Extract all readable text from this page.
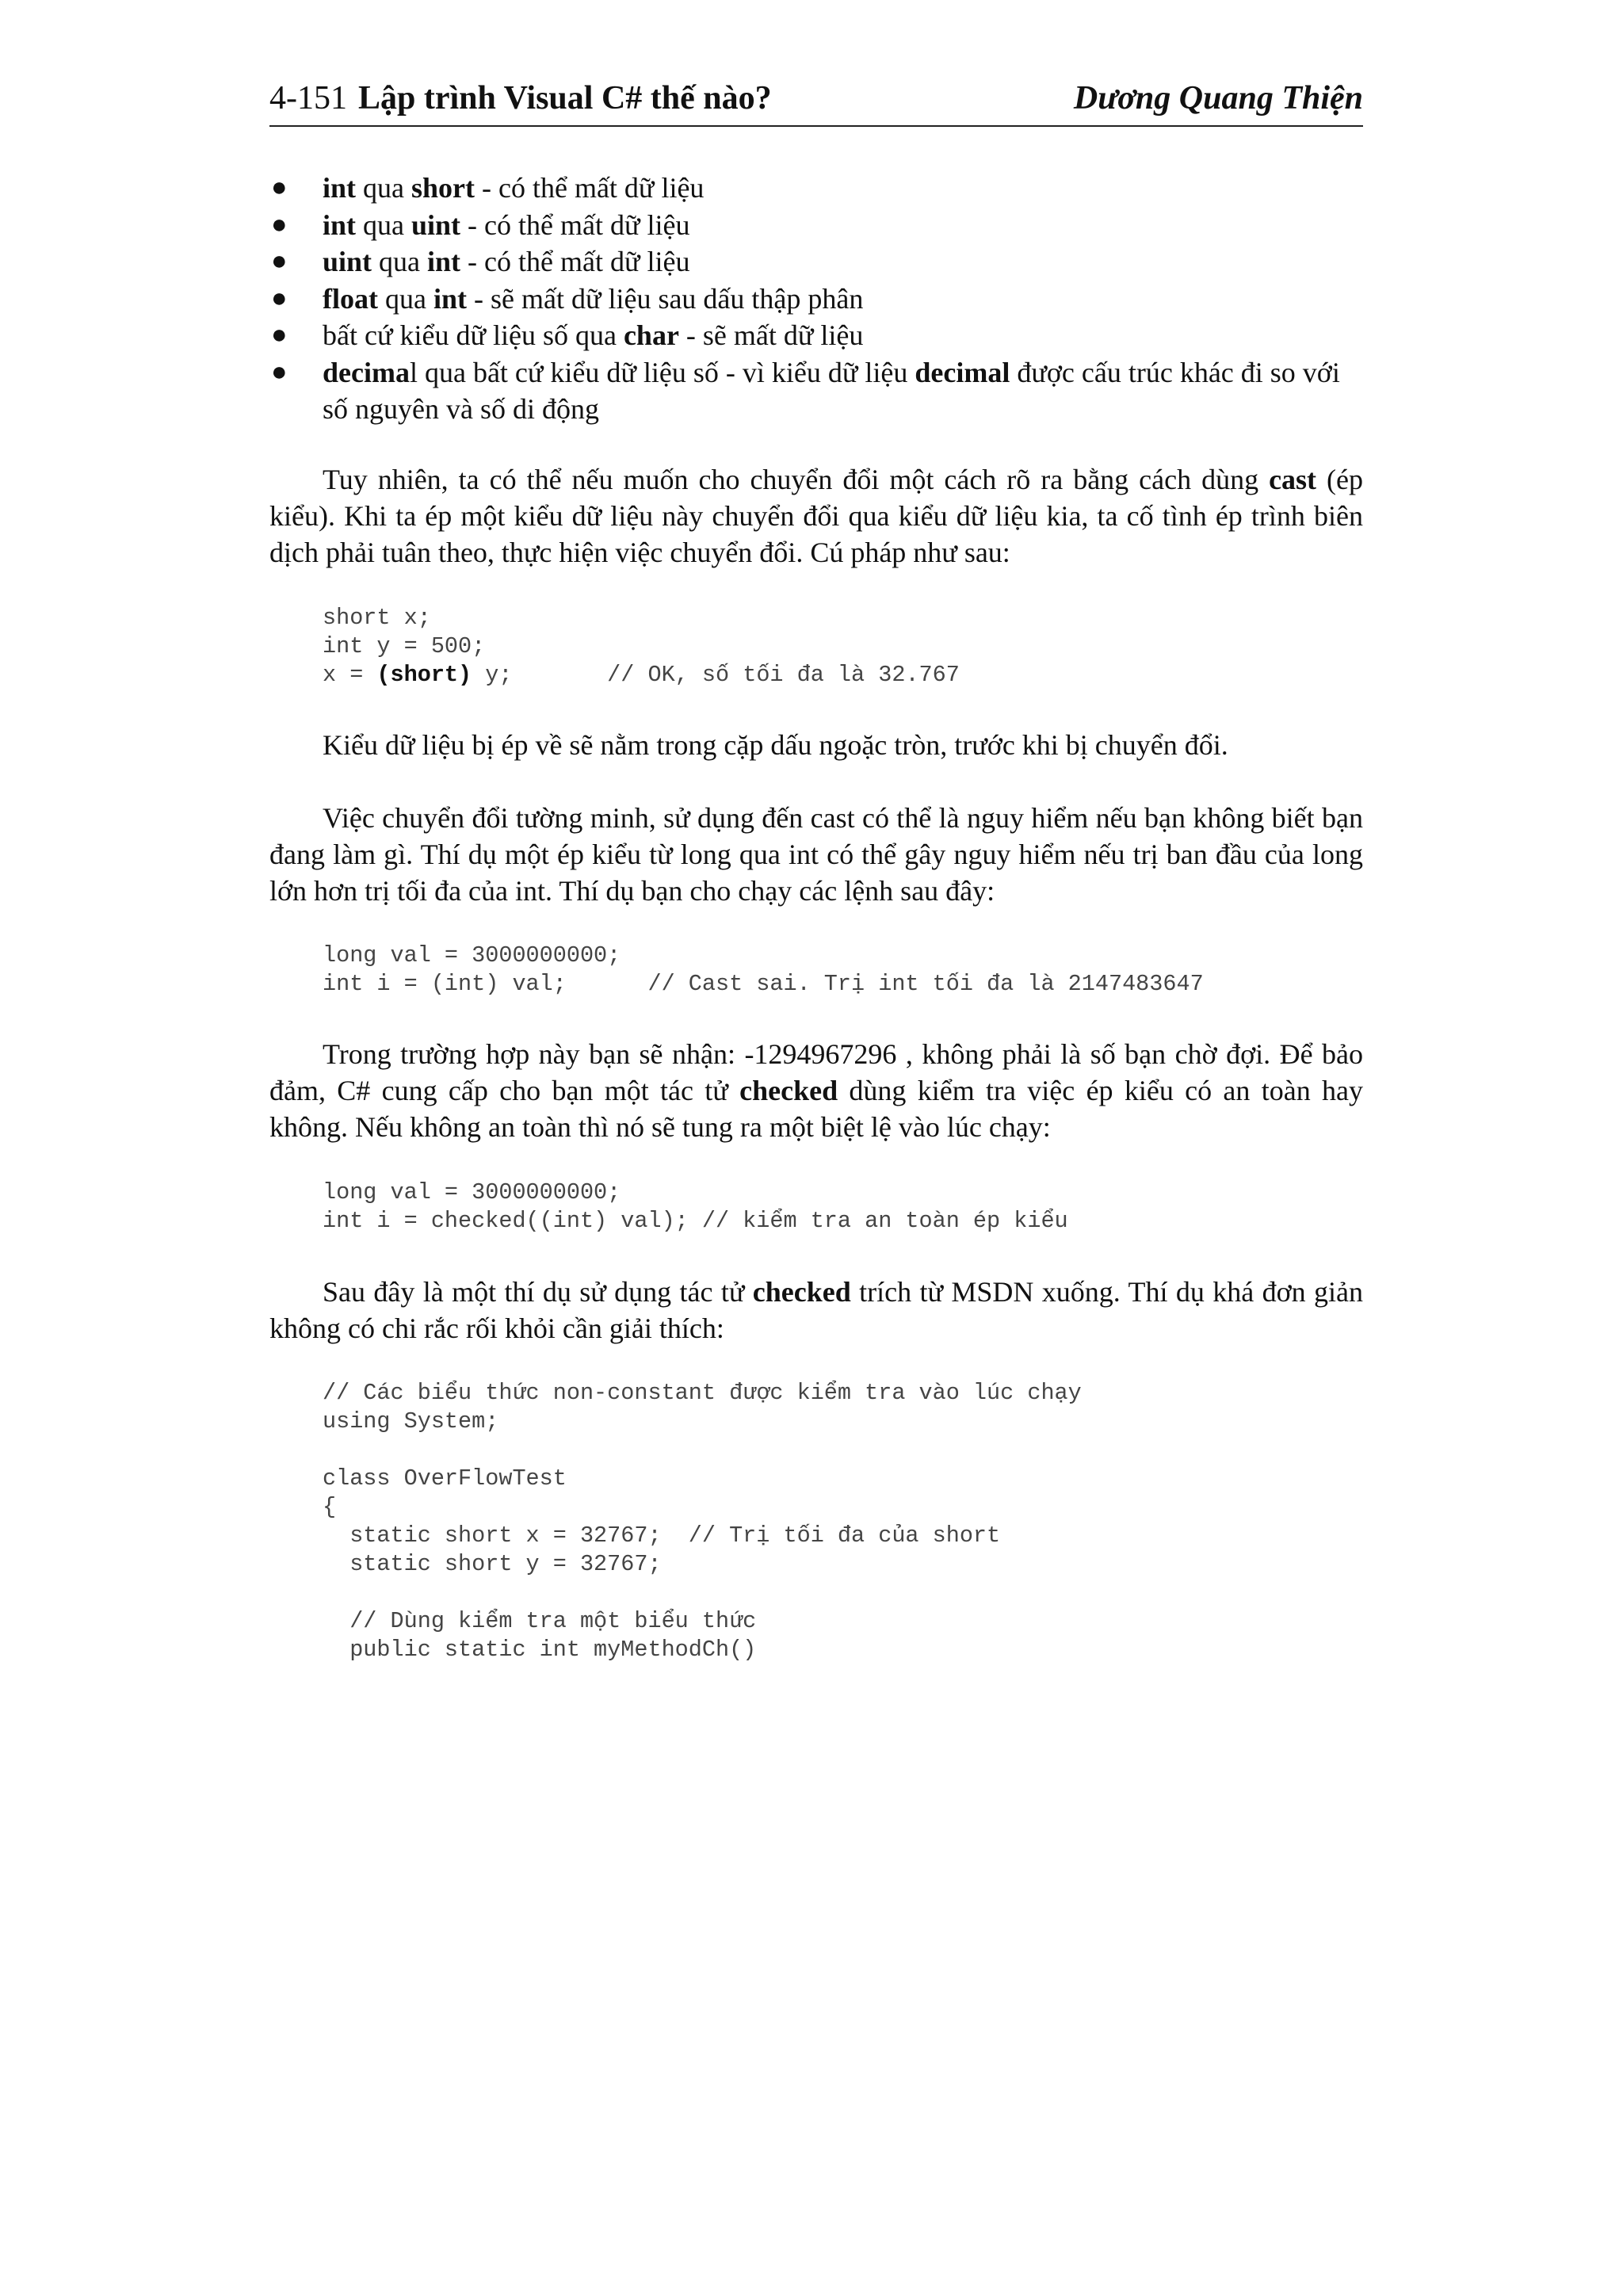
4-151 Lập trình Visual C# thế nào?	Dương Quang Thiện
● int qua short - có thể mất dữ liệu
● int qua uint - có thể mất dữ liệu
● uint qua int - có thể mất dữ liệu
● float qua int - sẽ mất dữ liệu sau dấu thập phân
● bất cứ kiểu dữ liệu số qua char - sẽ mất dữ liệu
● decimal qua bất cứ kiểu dữ liệu số - vì kiểu dữ liệu decimal được cấu trúc khác đi so với số nguyên và số di động

Tuy nhiên, ta có thể nếu muốn cho chuyển đổi một cách rõ ra bằng cách dùng cast (ép kiểu). Khi ta ép một kiểu dữ liệu này chuyển đổi qua kiểu dữ liệu kia, ta cố tình ép trình biên dịch phải tuân theo, thực hiện việc chuyển đổi. Cú pháp như sau:

short x;
int y = 500;
x = (short) y;       // OK, số tối đa là 32.767

Kiểu dữ liệu bị ép về sẽ nằm trong cặp dấu ngoặc tròn, trước khi bị chuyển đổi.

Việc chuyển đổi tường minh, sử dụng đến cast có thể là nguy hiểm nếu bạn không biết bạn đang làm gì. Thí dụ một ép kiểu từ long qua int có thể gây nguy hiểm nếu trị ban đầu của long lớn hơn trị tối đa của int. Thí dụ bạn cho chạy các lệnh sau đây:

long val = 3000000000;
int i = (int) val;      // Cast sai. Trị int tối đa là 2147483647

Trong trường hợp này bạn sẽ nhận: -1294967296 , không phải là số bạn chờ đợi. Để bảo đảm, C# cung cấp cho bạn một tác tử checked dùng kiểm tra việc ép kiểu có an toàn hay không. Nếu không an toàn thì nó sẽ tung ra một biệt lệ vào lúc chạy:

long val = 3000000000;
int i = checked((int) val); // kiểm tra an toàn ép kiểu

Sau đây là một thí dụ sử dụng tác tử checked trích từ MSDN xuống. Thí dụ khá đơn giản không có chi rắc rối khỏi cần giải thích:

// Các biểu thức non-constant được kiểm tra vào lúc chạy
using System;

class OverFlowTest
{
static short x = 32767;  // Trị tối đa của short
static short y = 32767;

// Dùng kiểm tra một biểu thức
public static int myMethodCh()
